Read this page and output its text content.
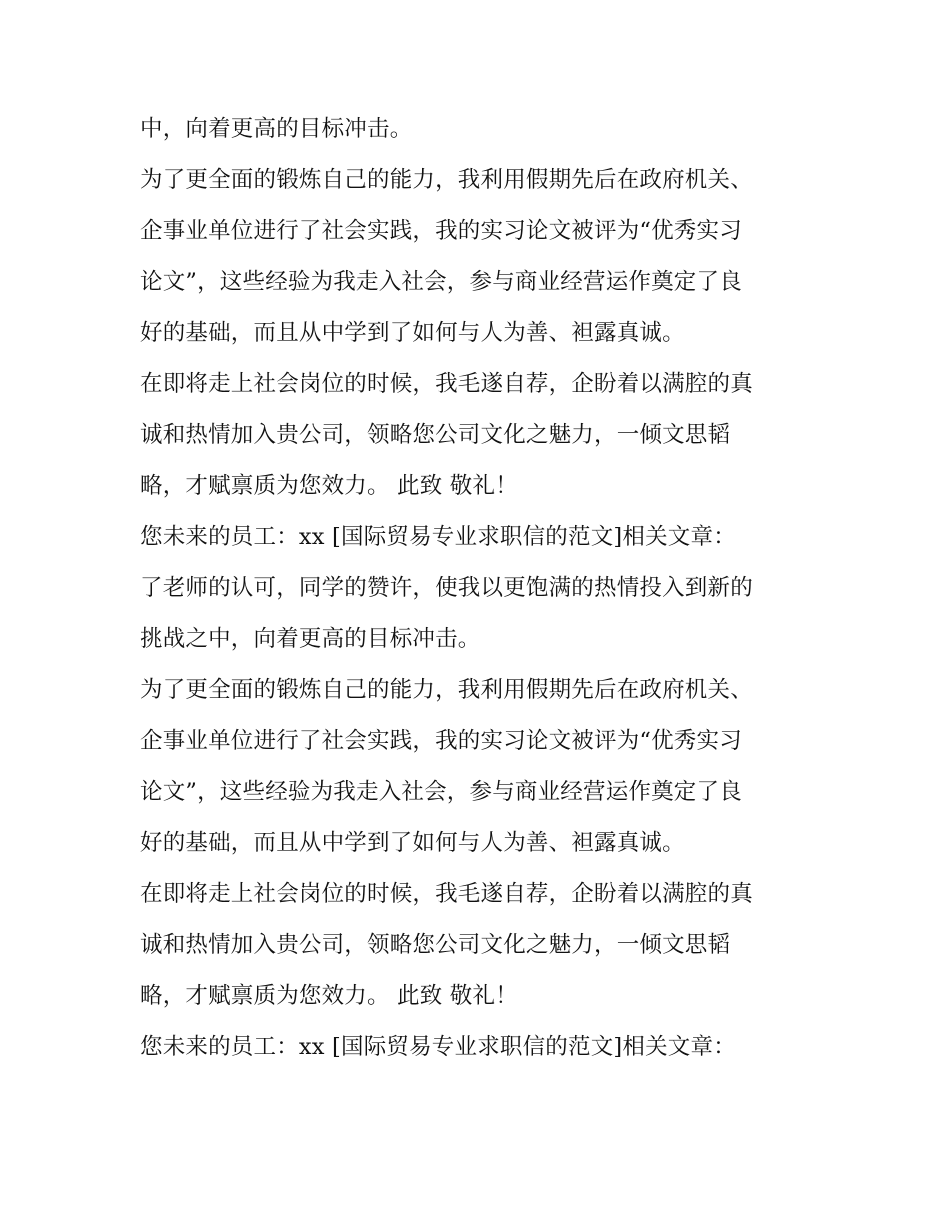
中，向着更高的目标冲击。
为了更全面的锻炼自己的能力，我利用假期先后在政府机关、
企事业单位进行了社会实践，我的实习论文被评为“优秀实习
论文”，这些经验为我走入社会，参与商业经营运作奠定了良
好的基础，而且从中学到了如何与人为善、袒露真诚。
在即将走上社会岗位的时候，我毛遂自荐，企盼着以满腔的真
诚和热情加入贵公司，领略您公司文化之魅力，一倾文思韬
略，才赋禀质为您效力。 此致 敬礼！
您未来的员工：xx [国际贸易专业求职信的范文]相关文章：
了老师的认可，同学的赞许，使我以更饱满的热情投入到新的
挑战之中，向着更高的目标冲击。
为了更全面的锻炼自己的能力，我利用假期先后在政府机关、
企事业单位进行了社会实践，我的实习论文被评为“优秀实习
论文”，这些经验为我走入社会，参与商业经营运作奠定了良
好的基础，而且从中学到了如何与人为善、袒露真诚。
在即将走上社会岗位的时候，我毛遂自荐，企盼着以满腔的真
诚和热情加入贵公司，领略您公司文化之魅力，一倾文思韬
略，才赋禀质为您效力。 此致 敬礼！
您未来的员工：xx [国际贸易专业求职信的范文]相关文章：
